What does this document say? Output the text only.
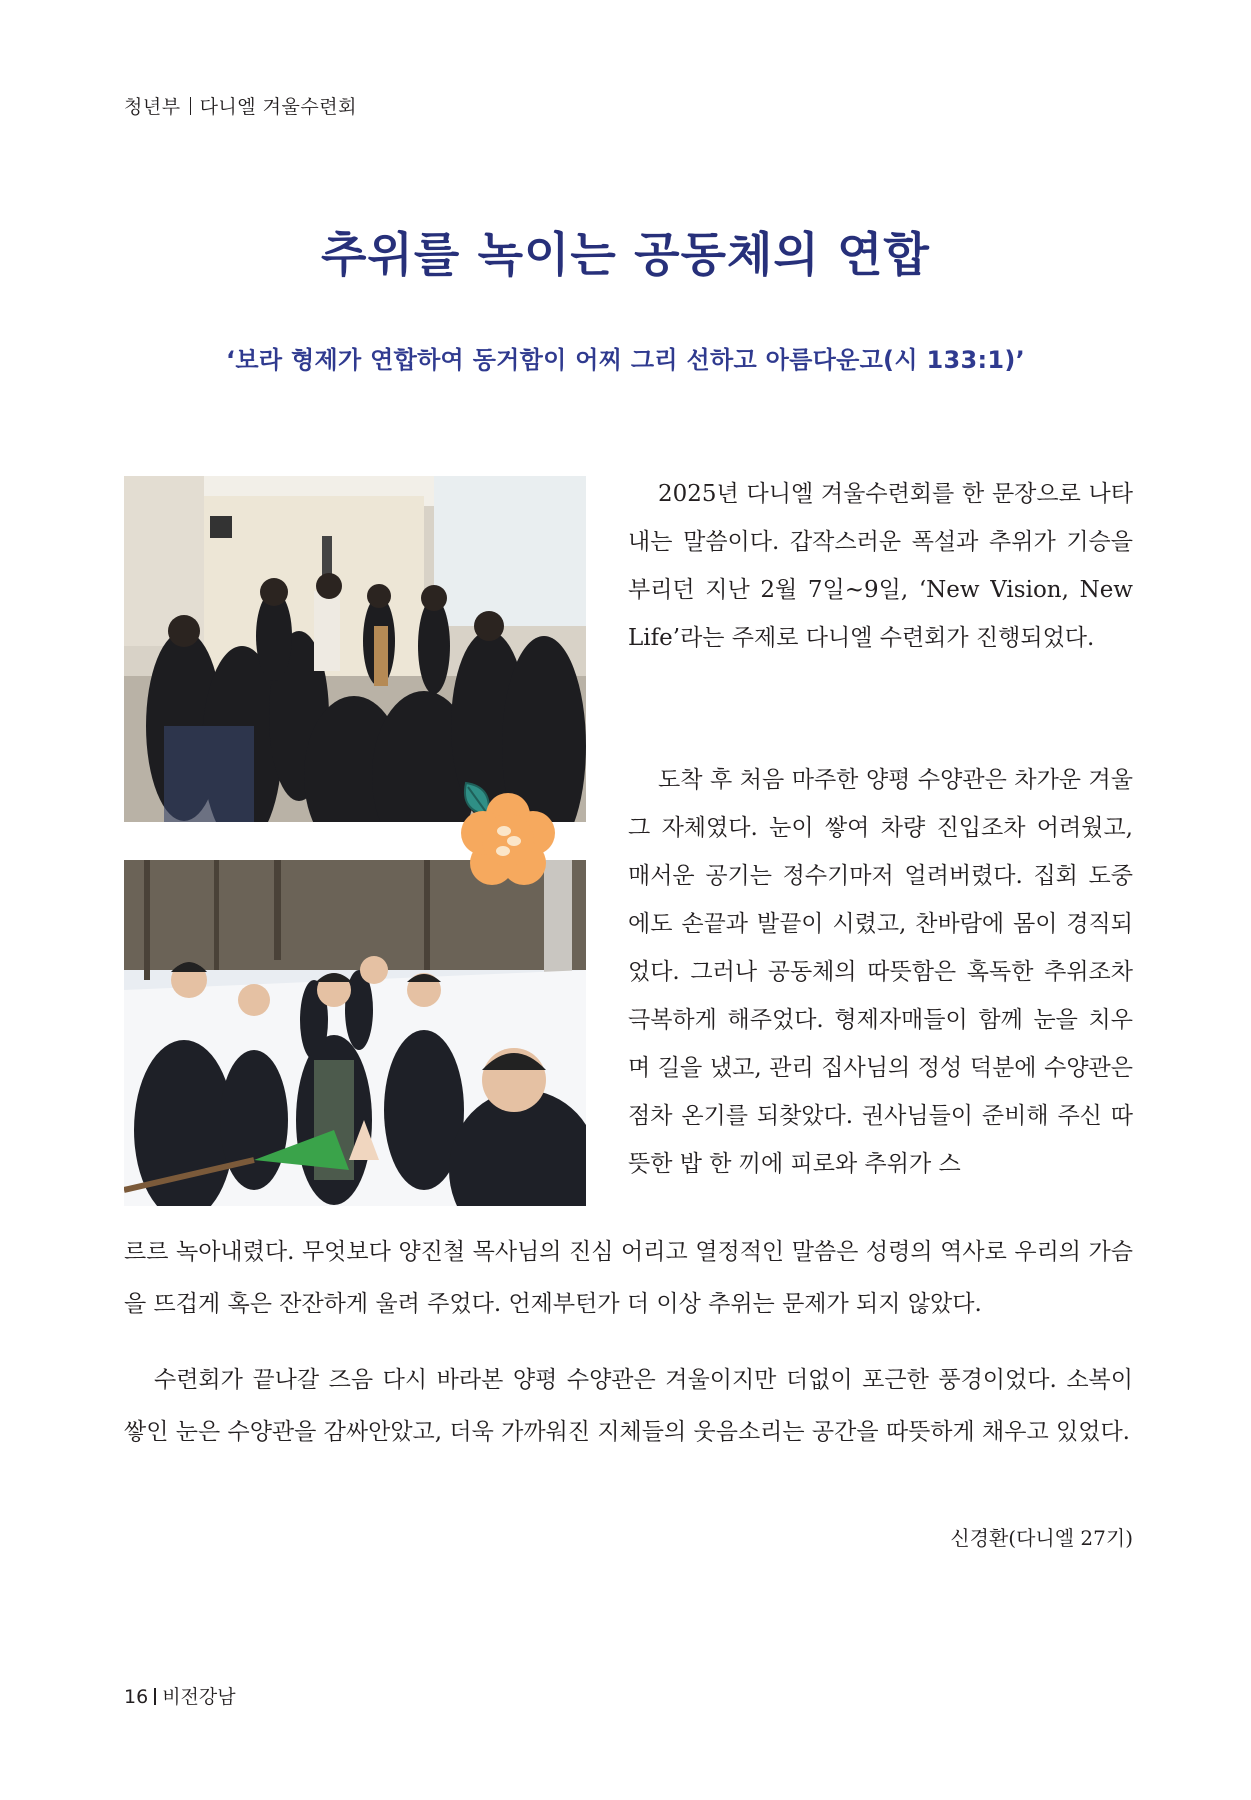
청년부 다니엘 겨울수련회
추위를 녹이는 공동체의 연합
‘보라 형제가 연합하여 동거함이 어찌 그리 선하고 아름다운고(시 133:1)’
2025년 다니엘 겨울수련회를 한 문장으로 나타내는 말씀이다. 갑작스러운 폭설과 추위가 기승을 부리던 지난 2월 7일~9일, ‘New Vision, New Life’라는 주제로 다니엘 수련회가 진행되었다.
도착 후 처음 마주한 양평 수양관은 차가운 겨울 그 자체였다. 눈이 쌓여 차량 진입조차 어려웠고, 매서운 공기는 정수기마저 얼려버렸다. 집회 도중에도 손끝과 발끝이 시렸고, 찬바람에 몸이 경직되었다. 그러나 공동체의 따뜻함은 혹독한 추위조차 극복하게 해주었다. 형제자매들이 함께 눈을 치우며 길을 냈고, 관리 집사님의 정성 덕분에 수양관은 점차 온기를 되찾았다. 권사님들이 준비해 주신 따뜻한 밥 한 끼에 피로와 추위가 스
르르 녹아내렸다. 무엇보다 양진철 목사님의 진심 어리고 열정적인 말씀은 성령의 역사로 우리의 가슴을 뜨겁게 혹은 잔잔하게 울려 주었다. 언제부턴가 더 이상 추위는 문제가 되지 않았다.
수련회가 끝나갈 즈음 다시 바라본 양평 수양관은 겨울이지만 더없이 포근한 풍경이었다. 소복이 쌓인 눈은 수양관을 감싸안았고, 더욱 가까워진 지체들의 웃음소리는 공간을 따뜻하게 채우고 있었다.
신경환(다니엘 27기)
16 비전강남
